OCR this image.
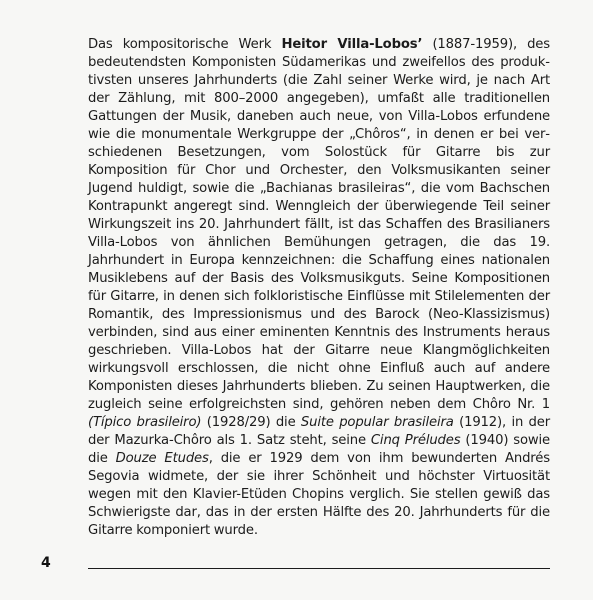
Das kompositorische Werk Heitor Villa-Lobos’ (1887-1959), des bedeutendsten Komponisten Südamerikas und zweifellos des produktivsten unseres Jahrhunderts (die Zahl seiner Werke wird, je nach Art der Zählung, mit 800–2000 angegeben), umfaßt alle traditionellen Gattungen der Musik, daneben auch neue, von Villa-Lobos erfundene wie die monumentale Werkgruppe der „Chôros“, in denen er bei verschiedenen Besetzungen, vom Solostück für Gitarre bis zur Komposition für Chor und Orchester, den Volksmusikanten seiner Jugend huldigt, sowie die „Bachianas brasileiras“, die vom Bachschen Kontrapunkt angeregt sind. Wenngleich der überwiegende Teil seiner Wirkungszeit ins 20. Jahrhundert fällt, ist das Schaffen des Brasilianers Villa-Lobos von ähnlichen Bemühungen getragen, die das 19. Jahrhundert in Europa kennzeichnen: die Schaffung eines nationalen Musiklebens auf der Basis des Volksmusikguts. Seine Kompositionen für Gitarre, in denen sich folkloristische Einflüsse mit Stilelementen der Romantik, des Impressionismus und des Barock (Neo-Klassizismus) verbinden, sind aus einer eminenten Kenntnis des Instruments heraus geschrieben. Villa-Lobos hat der Gitarre neue Klangmöglichkeiten wirkungsvoll erschlossen, die nicht ohne Einfluß auch auf andere Komponisten dieses Jahrhunderts blieben. Zu seinen Hauptwerken, die zugleich seine erfolgreichsten sind, gehören neben dem Chôro Nr. 1 (Típico brasileiro) (1928/29) die Suite popular brasileira (1912), in der der Mazurka-Chôro als 1. Satz steht, seine Cinq Préludes (1940) sowie die Douze Etudes, die er 1929 dem von ihm bewunderten Andrés Segovia widmete, der sie ihrer Schönheit und höchster Virtuosität wegen mit den Klavier-Etüden Chopins verglich. Sie stellen gewiß das Schwierigste dar, das in der ersten Hälfte des 20. Jahrhunderts für die Gitarre komponiert wurde.
4
